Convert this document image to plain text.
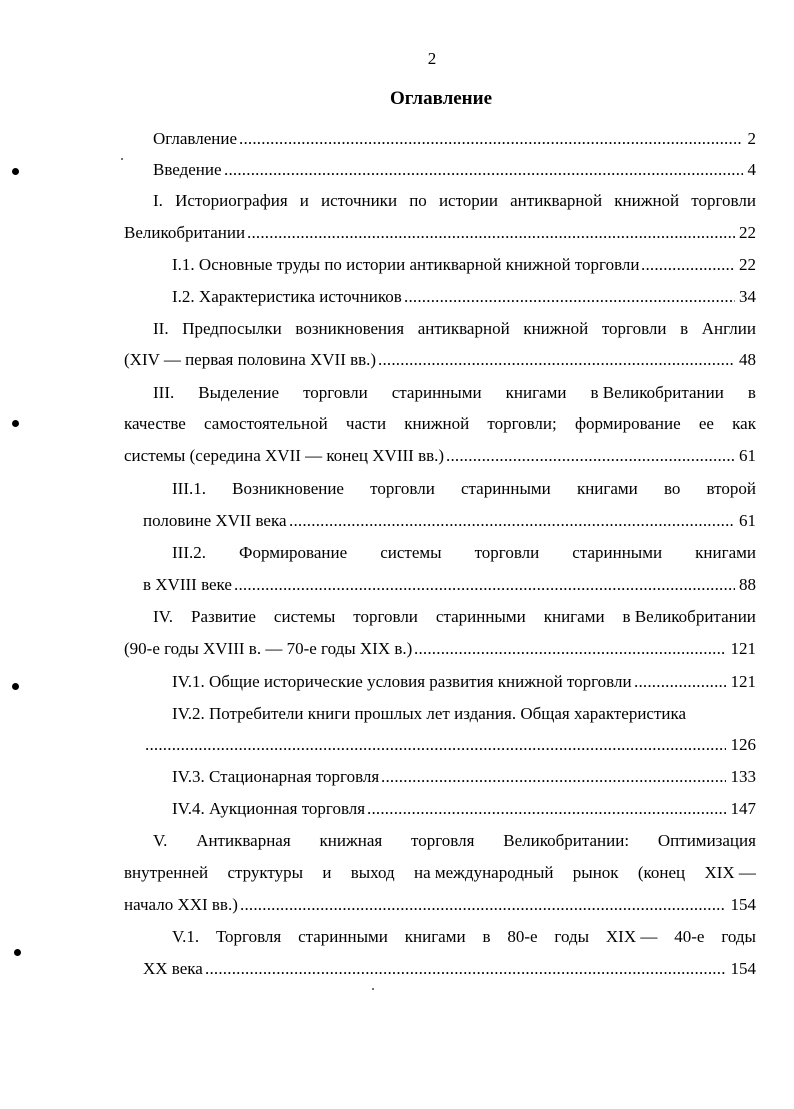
2
Оглавление
Оглавление	2
.....
Введение	4
.....
I. Историография и источники по истории антикварной книжной торговли
Великобритании	22
.....
I.1. Основные труды по истории антикварной книжной торговли	22
.....
I.2. Характеристика источников	34
.....
II. Предпосылки возникновения антикварной книжной торговли в Англии
(XIV — первая половина XVII вв.)	48
.....
III. Выделение торговли старинными книгами в Великобритании в
качестве самостоятельной части книжной торговли; формирование ее как
системы (середина XVII — конец XVIII вв.)	61
.....
III.1. Возникновение торговли старинными книгами во второй
половине XVII века	61
.....
III.2. Формирование системы торговли старинными книгами
в XVIII веке	88
.....
IV. Развитие системы торговли старинными книгами в Великобритании
(90-е годы XVIII в. — 70-е годы XIX в.)	121
.....
IV.1. Общие исторические условия развития книжной торговли	121
.....
IV.2. Потребители книги прошлых лет издания. Общая характеристика
126
.....
IV.3. Стационарная торговля	133
.....
IV.4. Аукционная торговля	147
.....
V. Антикварная книжная торговля Великобритании: Оптимизация
внутренней структуры и выход на международный рынок (конец XIX —
начало XXI вв.)	154
.....
V.1. Торговля старинными книгами в 80-е годы XIX — 40-е годы
XX века	154
.....
